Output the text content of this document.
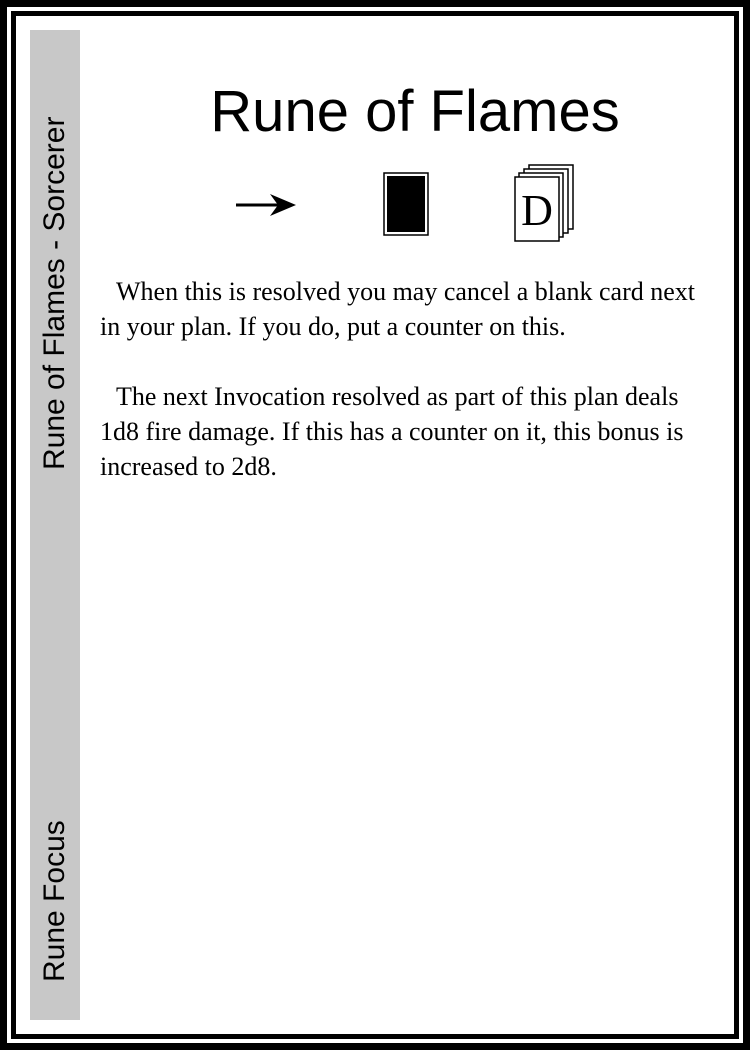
Rune of Flames - Sorcerer
Rune Focus
Rune of Flames
D

When this is resolved you may cancel a blank card next in your plan. If you do, put a counter on this.

The next Invocation resolved as part of this plan deals 1d8 fire damage. If this has a counter on it, this bonus is increased to 2d8.
